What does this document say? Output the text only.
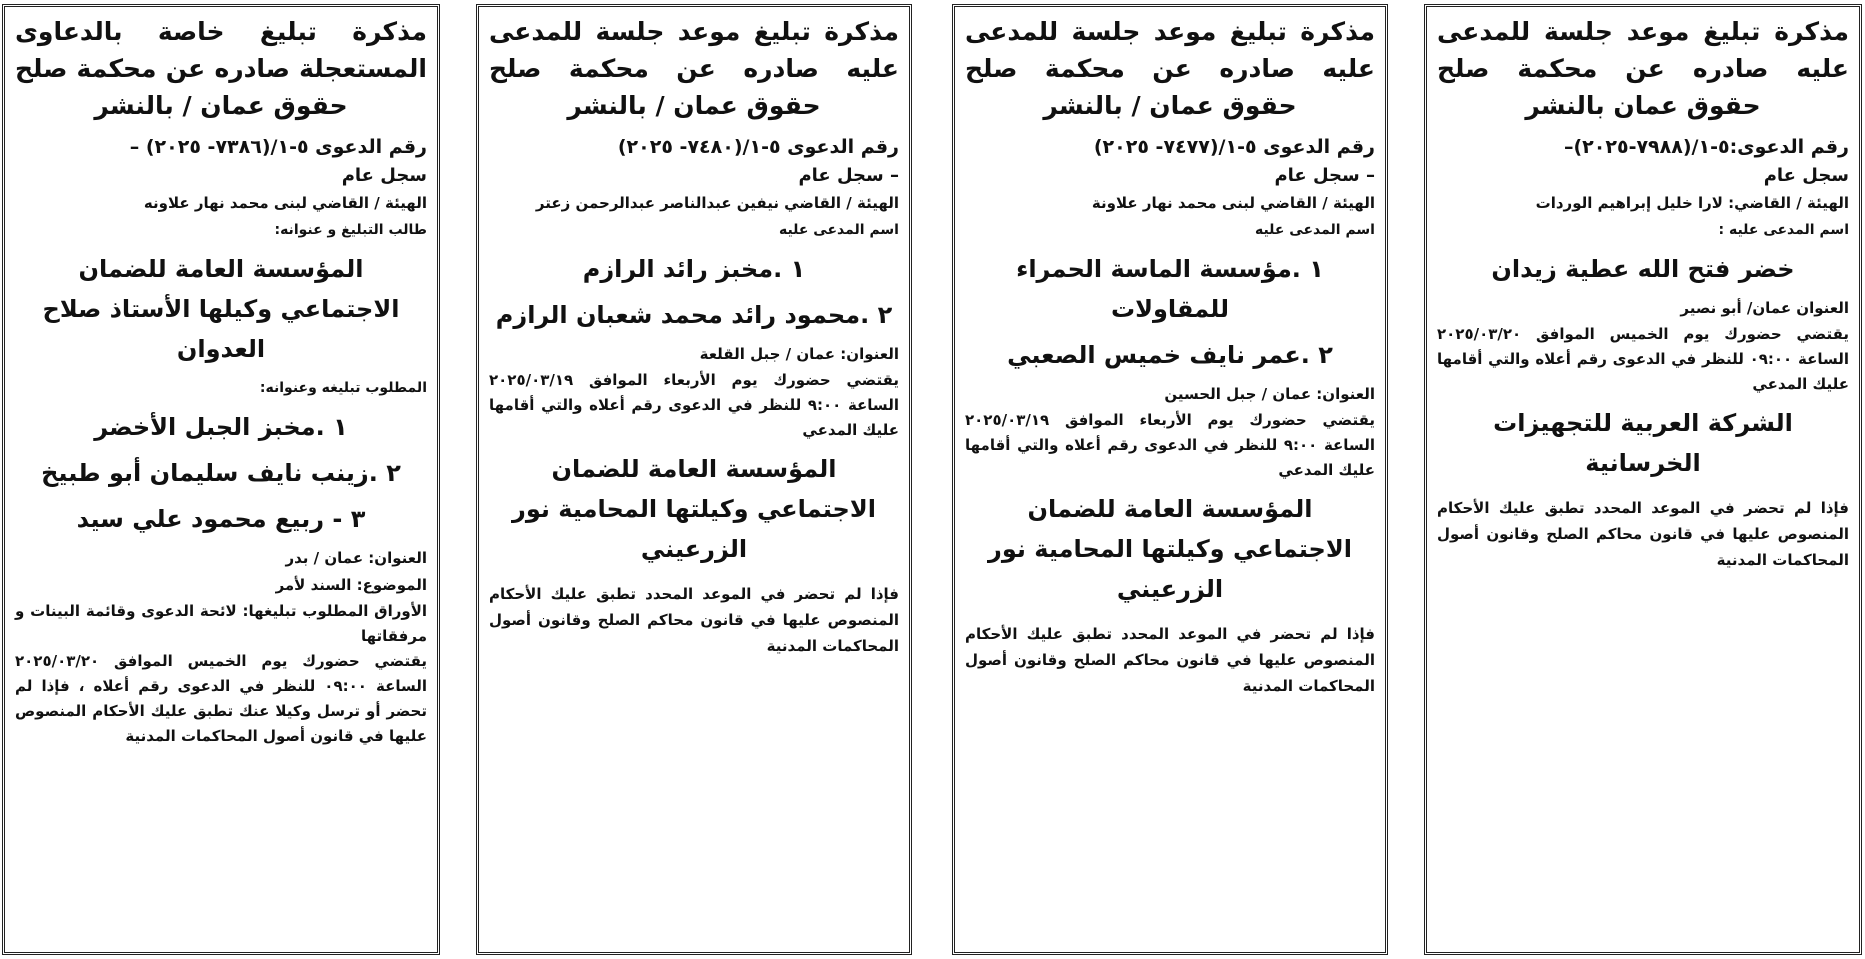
مذكرة تبليغ موعد جلسة للمدعى عليه صادره عن محكمة صلح حقوق عمان بالنشر

رقم الدعوى:٥-١/(٧٩٨٨-٢٠٢٥)–

سجل عام

الهيئة / القاضي: لارا خليل إبراهيم الوردات

اسم المدعى عليه :

خضر فتح الله عطية زيدان

العنوان عمان/ أبو نصير

يقتضي حضورك يوم الخميس الموافق ٢٠٢٥/٠٣/٢٠ الساعة ٠٩:٠٠ للنظر في الدعوى رقم أعلاه والتي أقامها عليك المدعي

الشركة العربية للتجهيزات الخرسانية

فإذا لم تحضر في الموعد المحدد تطبق عليك الأحكام المنصوص عليها في قانون محاكم الصلح وقانون أصول المحاكمات المدنية

مذكرة تبليغ موعد جلسة للمدعى عليه صادره عن محكمة صلح حقوق عمان / بالنشر

رقم الدعوى ٥-١/(٧٤٧٧- ٢٠٢٥)

– سجل عام

الهيئة / القاضي لبنى محمد نهار علاونة

اسم المدعى عليه

١ .مؤسسة الماسة الحمراء للمقاولات

٢ .عمر نايف خميس الصعبي

العنوان: عمان / جبل الحسين

يقتضي حضورك يوم الأربعاء الموافق ٢٠٢٥/٠٣/١٩ الساعة ٩:٠٠ للنظر في الدعوى رقم أعلاه والتي أقامها عليك المدعي

المؤسسة العامة للضمان الاجتماعي وكيلتها المحامية نور الزرعيني

فإذا لم تحضر في الموعد المحدد تطبق عليك الأحكام المنصوص عليها في قانون محاكم الصلح وقانون أصول المحاكمات المدنية

مذكرة تبليغ موعد جلسة للمدعى عليه صادره عن محكمة صلح حقوق عمان / بالنشر

رقم الدعوى ٥-١/(٧٤٨٠- ٢٠٢٥)

– سجل عام

الهيئة / القاضي نيفين عبدالناصر عبدالرحمن زعتر

اسم المدعى عليه

١ .مخبز رائد الرازم

٢ .محمود رائد محمد شعبان الرازم

العنوان: عمان / جبل القلعة

يقتضي حضورك يوم الأربعاء الموافق ٢٠٢٥/٠٣/١٩ الساعة ٩:٠٠ للنظر في الدعوى رقم أعلاه والتي أقامها عليك المدعي

المؤسسة العامة للضمان الاجتماعي وكيلتها المحامية نور الزرعيني

فإذا لم تحضر في الموعد المحدد تطبق عليك الأحكام المنصوص عليها في قانون محاكم الصلح وقانون أصول المحاكمات المدنية

مذكرة تبليغ خاصة بالدعاوى المستعجلة صادره عن محكمة صلح حقوق عمان / بالنشر

رقم الدعوى ٥-١/(٧٣٨٦- ٢٠٢٥) –

سجل عام

الهيئة / القاضي لبنى محمد نهار علاونه

طالب التبليغ و عنوانه:

المؤسسة العامة للضمان الاجتماعي وكيلها الأستاذ صلاح العدوان

المطلوب تبليغه وعنوانه:

١ .مخبز الجبل الأخضر

٢ .زينب نايف سليمان أبو طبيخ

٣ - ربيع محمود علي سيد

العنوان: عمان / بدر

الموضوع: السند لأمر

الأوراق المطلوب تبليغها: لائحة الدعوى وقائمة البينات و مرفقاتها

يقتضي حضورك يوم الخميس الموافق ٢٠٢٥/٠٣/٢٠ الساعة ٠٩:٠٠ للنظر في الدعوى رقم أعلاه ، فإذا لم تحضر أو ترسل وكيلا عنك تطبق عليك الأحكام المنصوص عليها في قانون أصول المحاكمات المدنية
